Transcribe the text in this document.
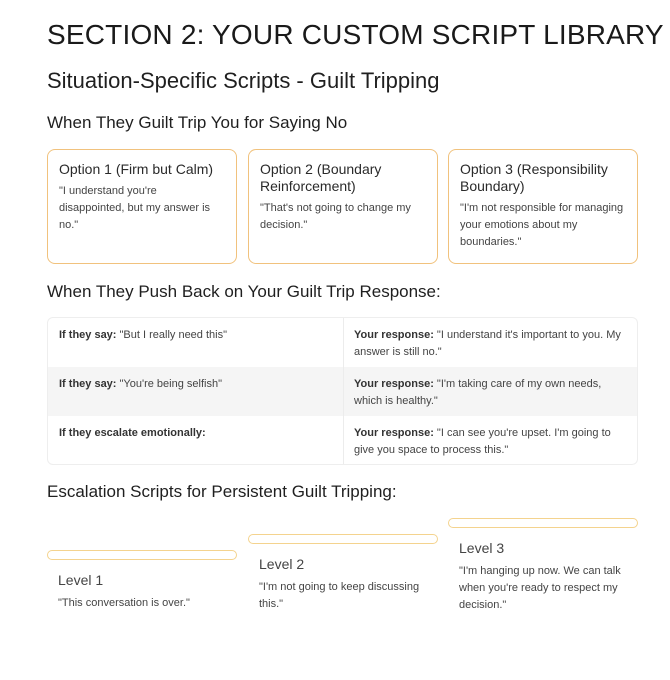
SECTION 2: YOUR CUSTOM SCRIPT LIBRARY
Situation-Specific Scripts - Guilt Tripping
When They Guilt Trip You for Saying No
Option 1 (Firm but Calm)
"I understand you're disappointed, but my answer is no."
Option 2 (Boundary Reinforcement)
"That's not going to change my decision."
Option 3 (Responsibility Boundary)
"I'm not responsible for managing your emotions about my boundaries."
When They Push Back on Your Guilt Trip Response:
If they say: "But I really need this"	Your response: "I understand it's important to you. My answer is still no."
If they say: "You're being selfish"	Your response: "I'm taking care of my own needs, which is healthy."
If they escalate emotionally:	Your response: "I can see you're upset. I'm going to give you space to process this."
Escalation Scripts for Persistent Guilt Tripping:
Level 1
"This conversation is over."
Level 2
"I'm not going to keep discussing this."
Level 3
"I'm hanging up now. We can talk when you're ready to respect my decision."
